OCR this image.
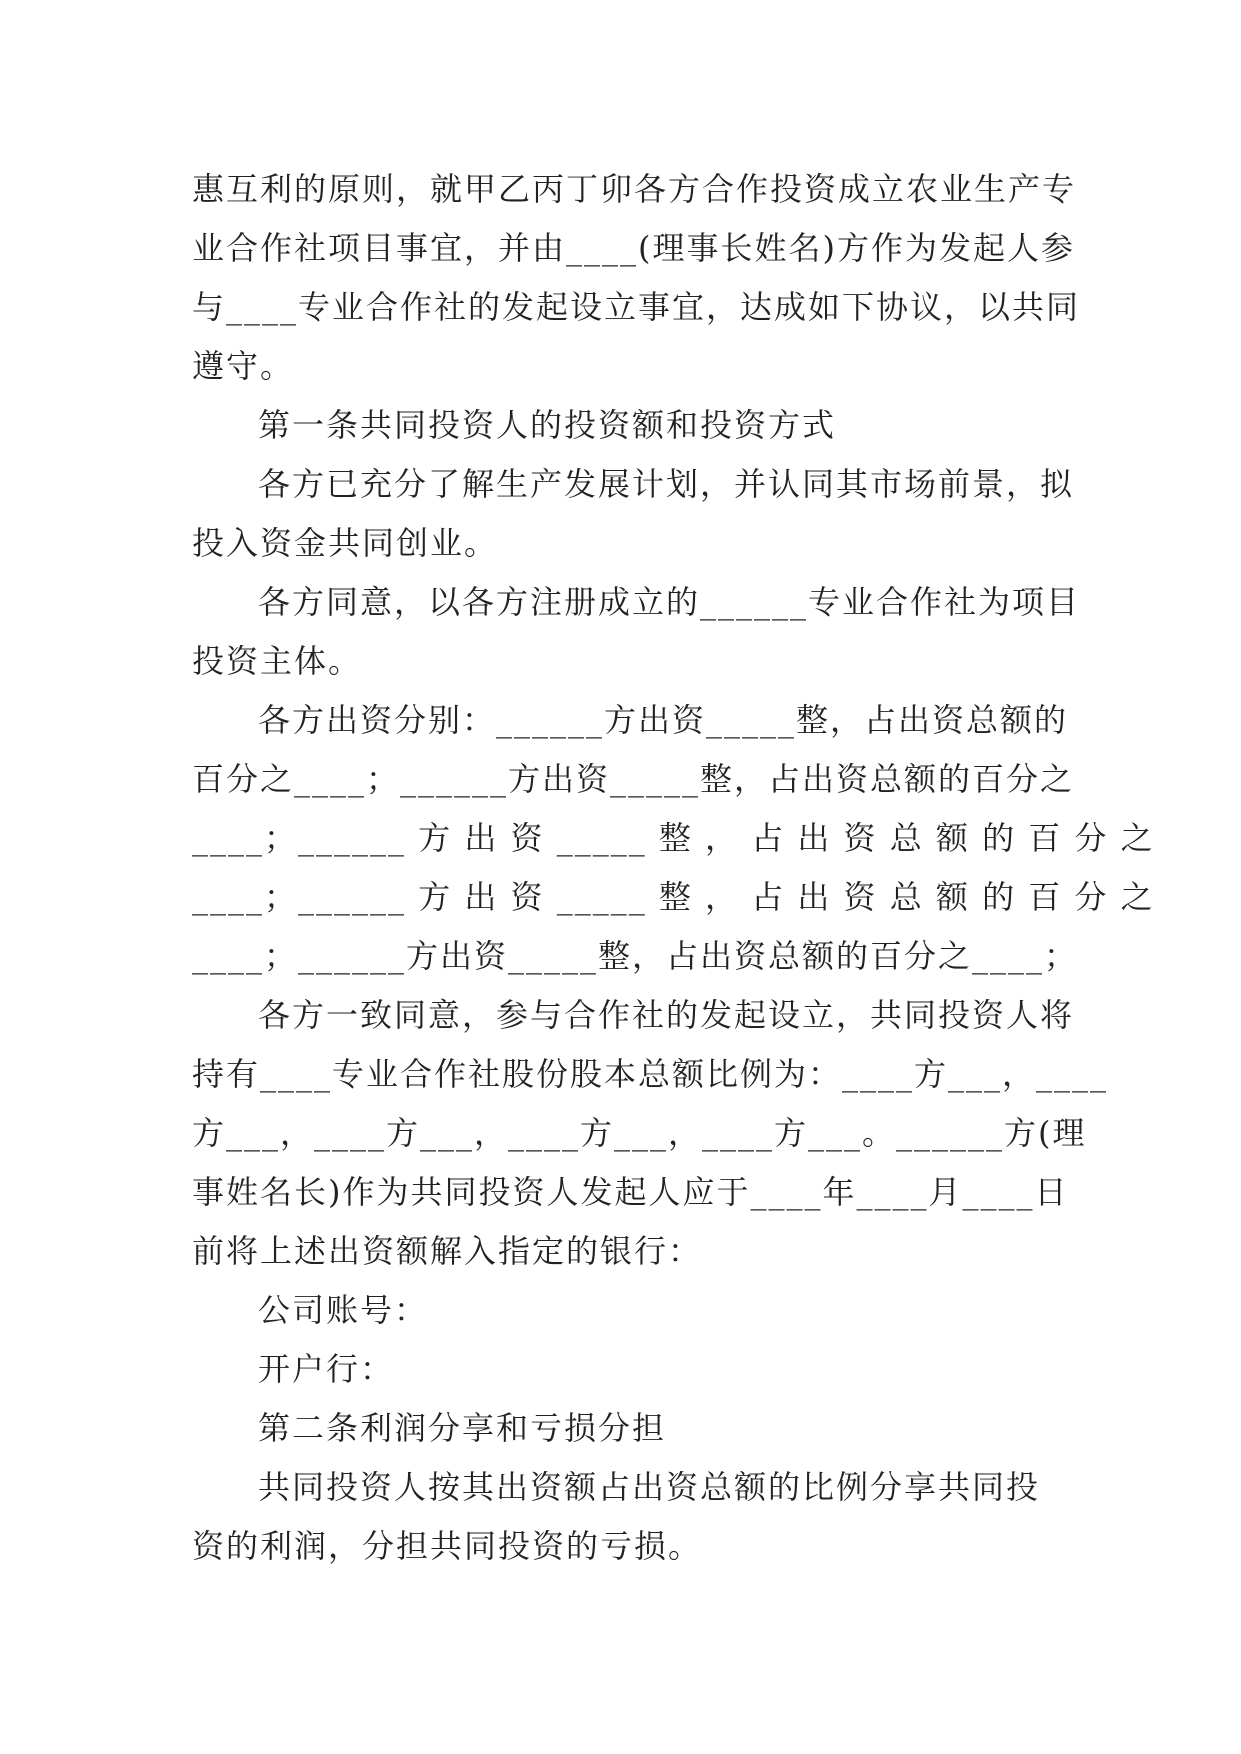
惠互利的原则，就甲乙丙丁卯各方合作投资成立农业生产专
业合作社项目事宜，并由____(理事长姓名)方作为发起人参
与____专业合作社的发起设立事宜，达成如下协议，以共同
遵守。
第一条共同投资人的投资额和投资方式
各方已充分了解生产发展计划，并认同其市场前景，拟
投入资金共同创业。
各方同意，以各方注册成立的______专业合作社为项目
投资主体。
各方出资分别：______方出资_____整，占出资总额的
百分之____；______方出资_____整，占出资总额的百分之
____；______ 方 出 资 _____ 整 ， 占 出 资 总 额 的 百 分 之
____；______ 方 出 资 _____ 整 ， 占 出 资 总 额 的 百 分 之
____；______方出资_____整，占出资总额的百分之____；
各方一致同意，参与合作社的发起设立，共同投资人将
持有____专业合作社股份股本总额比例为：____方___，____
方___，____方___，____方___，____方___。______方(理
事姓名长)作为共同投资人发起人应于____年____月____日
前将上述出资额解入指定的银行：
公司账号：
开户行：
第二条利润分享和亏损分担
共同投资人按其出资额占出资总额的比例分享共同投
资的利润，分担共同投资的亏损。
